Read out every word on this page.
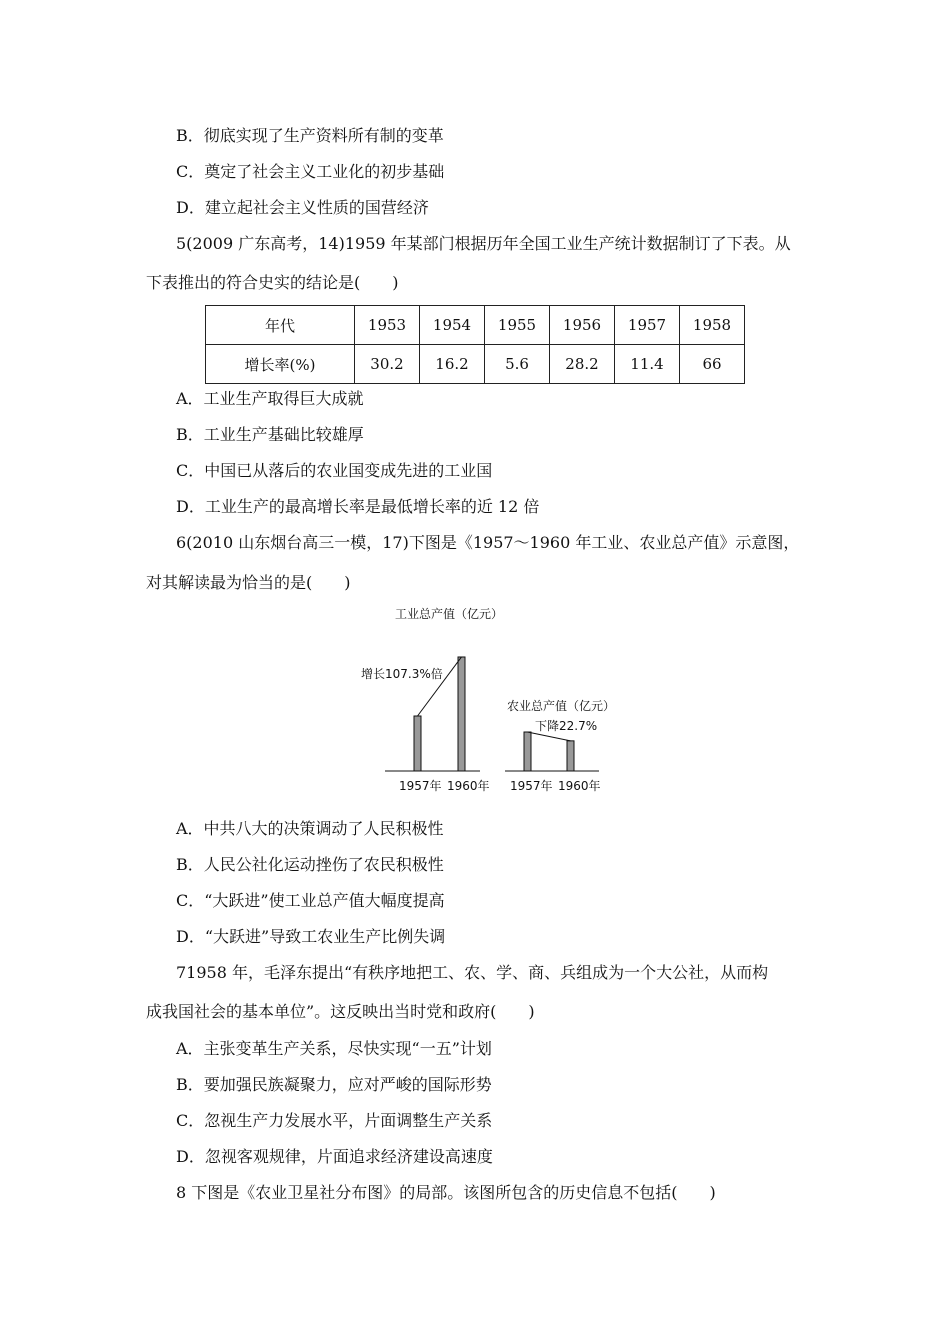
B．彻底实现了生产资料所有制的变革
C．奠定了社会主义工业化的初步基础
D．建立起社会主义性质的国营经济
5(2009 广东高考，14)1959 年某部门根据历年全国工业生产统计数据制订了下表。从
下表推出的符合史实的结论是(　　)
年代	1953	1954	1955	1956	1957	1958
增长率(%)	30.2	16.2	5.6	28.2	11.4	66
A．工业生产取得巨大成就
B．工业生产基础比较雄厚
C．中国已从落后的农业国变成先进的工业国
D．工业生产的最高增长率是最低增长率的近 12 倍
6(2010 山东烟台高三一模，17)下图是《1957～1960 年工业、农业总产值》示意图，
对其解读最为恰当的是(　　)
工业总产值（亿元）
增长107.3%倍
1957年 1960年
农业总产值（亿元）
下降22.7%
1957年 1960年
A．中共八大的决策调动了人民积极性
B．人民公社化运动挫伤了农民积极性
C．“大跃进”使工业总产值大幅度提高
D．“大跃进”导致工农业生产比例失调
71958 年，毛泽东提出“有秩序地把工、农、学、商、兵组成为一个大公社，从而构
成我国社会的基本单位”。这反映出当时党和政府(　　)
A．主张变革生产关系，尽快实现“一五”计划
B．要加强民族凝聚力，应对严峻的国际形势
C．忽视生产力发展水平，片面调整生产关系
D．忽视客观规律，片面追求经济建设高速度
8 下图是《农业卫星社分布图》的局部。该图所包含的历史信息不包括(　　)
